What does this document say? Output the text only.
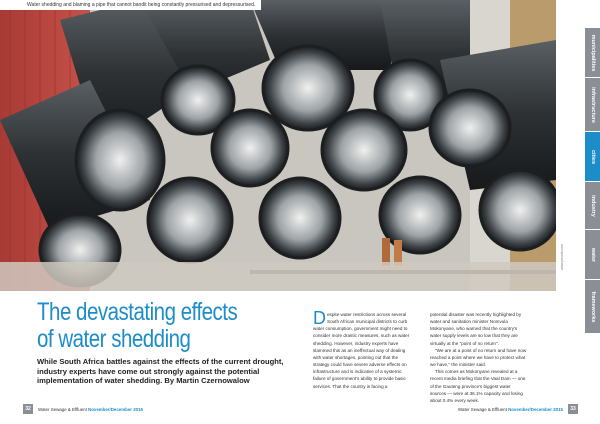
Water shedding and blaming a pipe that cannot bandit being constantly pressurised and depressurised.
www.pexels.com
municipalities
infrastructure
cities
industry
water
frameworks
The devastating effects
of water shedding
While South Africa battles against the effects of the current drought, industry experts have come out strongly against the potential implementation of water shedding. By Martin Czernowalow

Despite water restrictions across several South African municipal districts to curb water consumption, government might need to consider more drastic measures, such as water shedding. However, industry experts have slammed this as an ineffectual way of dealing with water shortages, pointing out that the strategy could have severe adverse effects on infrastructure and is indicative of a systemic failure of government's ability to provide basic services. That the country is facing a

potential disaster was recently highlighted by water and sanitation minister Nomvula Mokonyane, who warned that the country's water supply levels are so low that they are virtually at the "point of no return".

"We are at a point of no return and have now reached a point where we have to protect what we have," the minister said.

This comes as Mokonyane revealed at a recent media briefing that the Vaal Dam — one of the Gauteng province's biggest water sources — were at 36.1% capacity and losing about 0.4% every week.

32	Water Sewage & Effluent November/December 2015	Water Sewage & Effluent November/December 2015	33
